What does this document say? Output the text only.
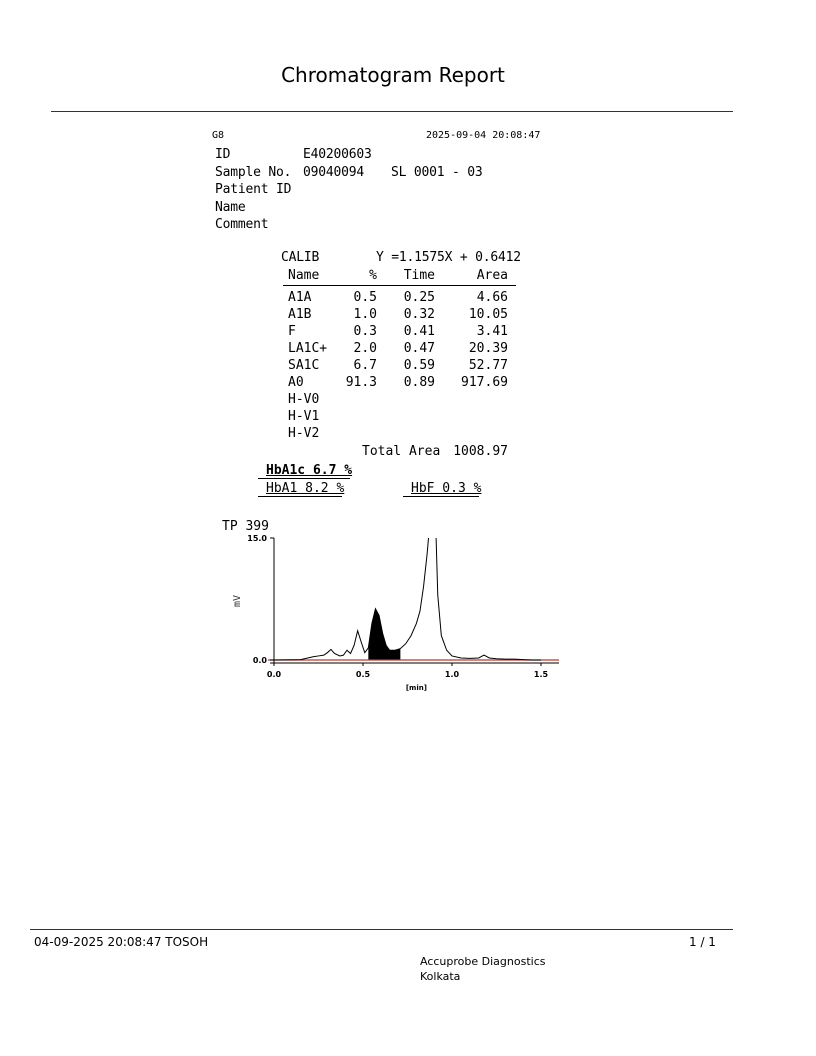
Chromatogram Report
G8	2025-09-04 20:08:47
ID	E40200603
Sample No. 09040094 SL 0001 - 03
Patient ID
Name
Comment
CALIB	Y =1.1575X + 0.6412
Name	%	Time	Area
A1A	0.5	0.25	4.66
A1B	1.0	0.32	10.05
F	0.3	0.41	3.41
LA1C+	2.0	0.47	20.39
SA1C	6.7	0.59	52.77
A0	91.3	0.89	917.69
H-V0
H-V1
H-V2
Total Area 1008.97
HbA1c 6.7 %
HbA1 8.2 %	HbF 0.3 %
TP 399
0.0
15.0
0.0	0.5	1.0	1.5
[min]
mV
04-09-2025 20:08:47 TOSOH	1 / 1
Accuprobe Diagnostics
Kolkata
